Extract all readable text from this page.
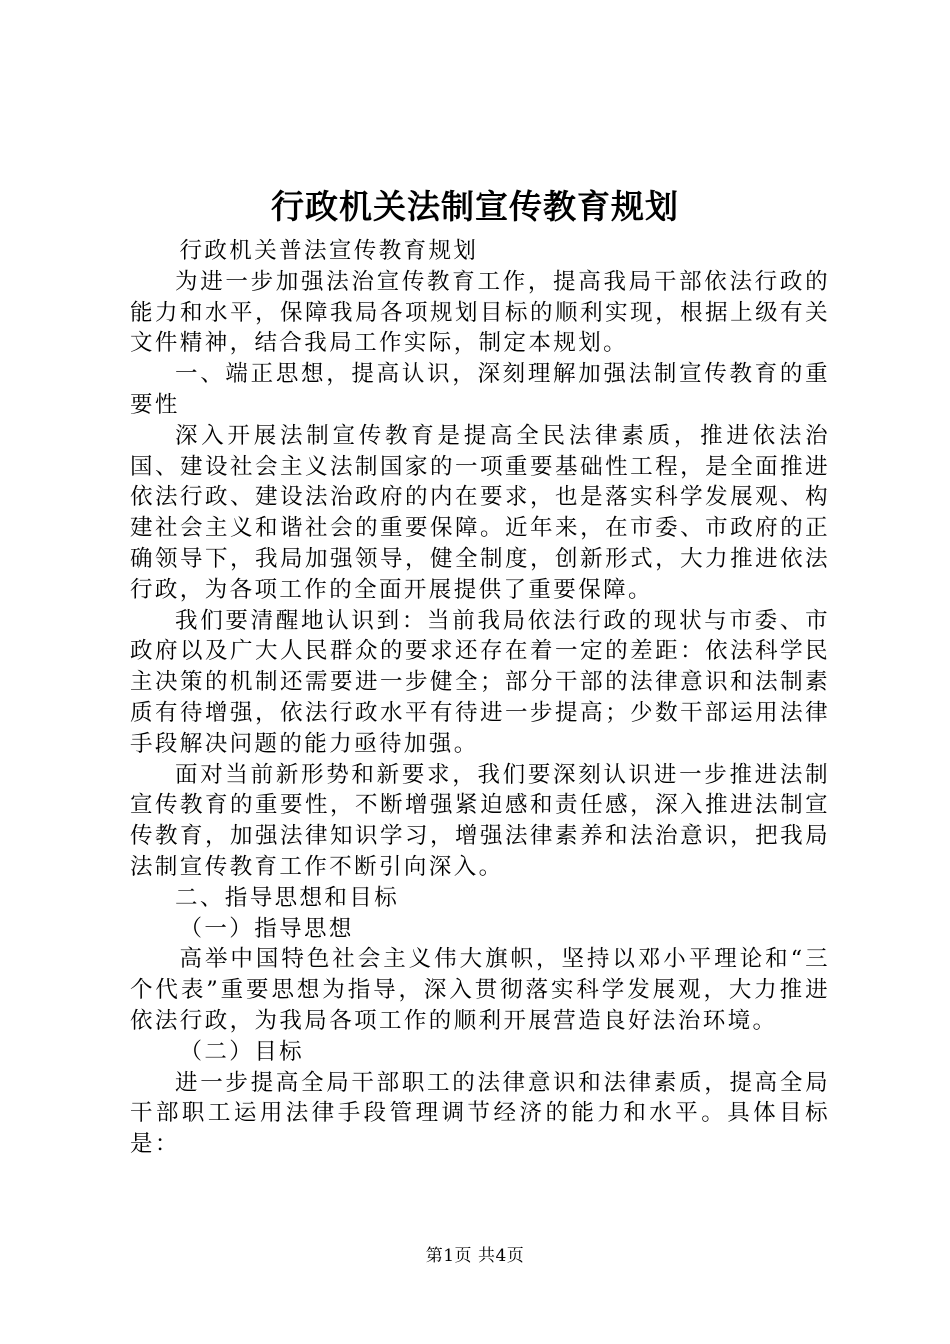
行政机关法制宣传教育规划

行政机关普法宣传教育规划

为进一步加强法治宣传教育工作，提高我局干部依法行政的能力和水平，保障我局各项规划目标的顺利实现，根据上级有关文件精神，结合我局工作实际，制定本规划。

一、端正思想，提高认识，深刻理解加强法制宣传教育的重要性

深入开展法制宣传教育是提高全民法律素质，推进依法治国、建设社会主义法制国家的一项重要基础性工程，是全面推进依法行政、建设法治政府的内在要求，也是落实科学发展观、构建社会主义和谐社会的重要保障。近年来，在市委、市政府的正确领导下，我局加强领导，健全制度，创新形式，大力推进依法行政，为各项工作的全面开展提供了重要保障。

我们要清醒地认识到：当前我局依法行政的现状与市委、市政府以及广大人民群众的要求还存在着一定的差距：依法科学民主决策的机制还需要进一步健全；部分干部的法律意识和法制素质有待增强，依法行政水平有待进一步提高；少数干部运用法律手段解决问题的能力亟待加强。

面对当前新形势和新要求，我们要深刻认识进一步推进法制宣传教育的重要性，不断增强紧迫感和责任感，深入推进法制宣传教育，加强法律知识学习，增强法律素养和法治意识，把我局法制宣传教育工作不断引向深入。

二、指导思想和目标

（一）指导思想

高举中国特色社会主义伟大旗帜，坚持以邓小平理论和“三个代表”重要思想为指导，深入贯彻落实科学发展观，大力推进依法行政，为我局各项工作的顺利开展营造良好法治环境。

（二）目标

进一步提高全局干部职工的法律意识和法律素质，提高全局干部职工运用法律手段管理调节经济的能力和水平。具体目标是：

第1页 共4页
